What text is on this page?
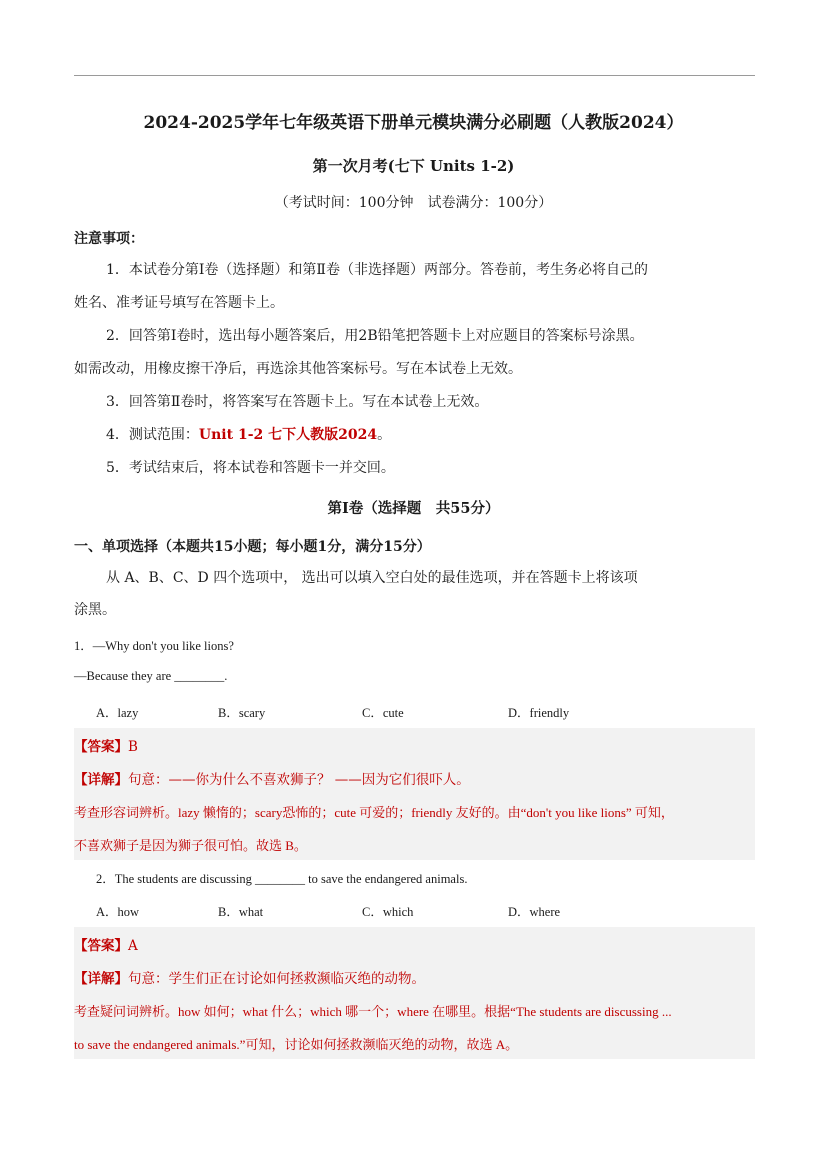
2024-2025学年七年级英语下册单元模块满分必刷题（人教版2024）
第一次月考(七下 Units 1-2)
（考试时间：100分钟　试卷满分：100分）
注意事项：
1．本试卷分第Ⅰ卷（选择题）和第Ⅱ卷（非选择题）两部分。答卷前，考生务必将自己的
姓名、准考证号填写在答题卡上。
2．回答第Ⅰ卷时，选出每小题答案后，用2B铅笔把答题卡上对应题目的答案标号涂黑。
如需改动，用橡皮擦干净后，再选涂其他答案标号。写在本试卷上无效。
3．回答第Ⅱ卷时，将答案写在答题卡上。写在本试卷上无效。
4．测试范围：Unit 1-2 七下人教版2024。
5．考试结束后，将本试卷和答题卡一并交回。
第Ⅰ卷（选择题　共55分）
一、单项选择（本题共15小题；每小题1分，满分15分）
从 A、B、C、D 四个选项中， 选出可以填入空白处的最佳选项，并在答题卡上将该项
涂黑。
1．—Why don't you like lions?
—Because they are ________.
A．lazy	B．scary	C．cute	D．friendly
【答案】B
【详解】句意：——你为什么不喜欢狮子？ ——因为它们很吓人。
考查形容词辨析。lazy 懒惰的；scary恐怖的；cute 可爱的；friendly 友好的。由“don't you like lions” 可知，
不喜欢狮子是因为狮子很可怕。故选 B。
2．The students are discussing ________ to save the endangered animals.
A．how	B．what	C．which	D．where
【答案】A
【详解】句意：学生们正在讨论如何拯救濒临灭绝的动物。
考查疑问词辨析。how 如何；what 什么；which 哪一个；where 在哪里。根据“The students are discussing ...
to save the endangered animals.”可知，讨论如何拯救濒临灭绝的动物，故选 A。
